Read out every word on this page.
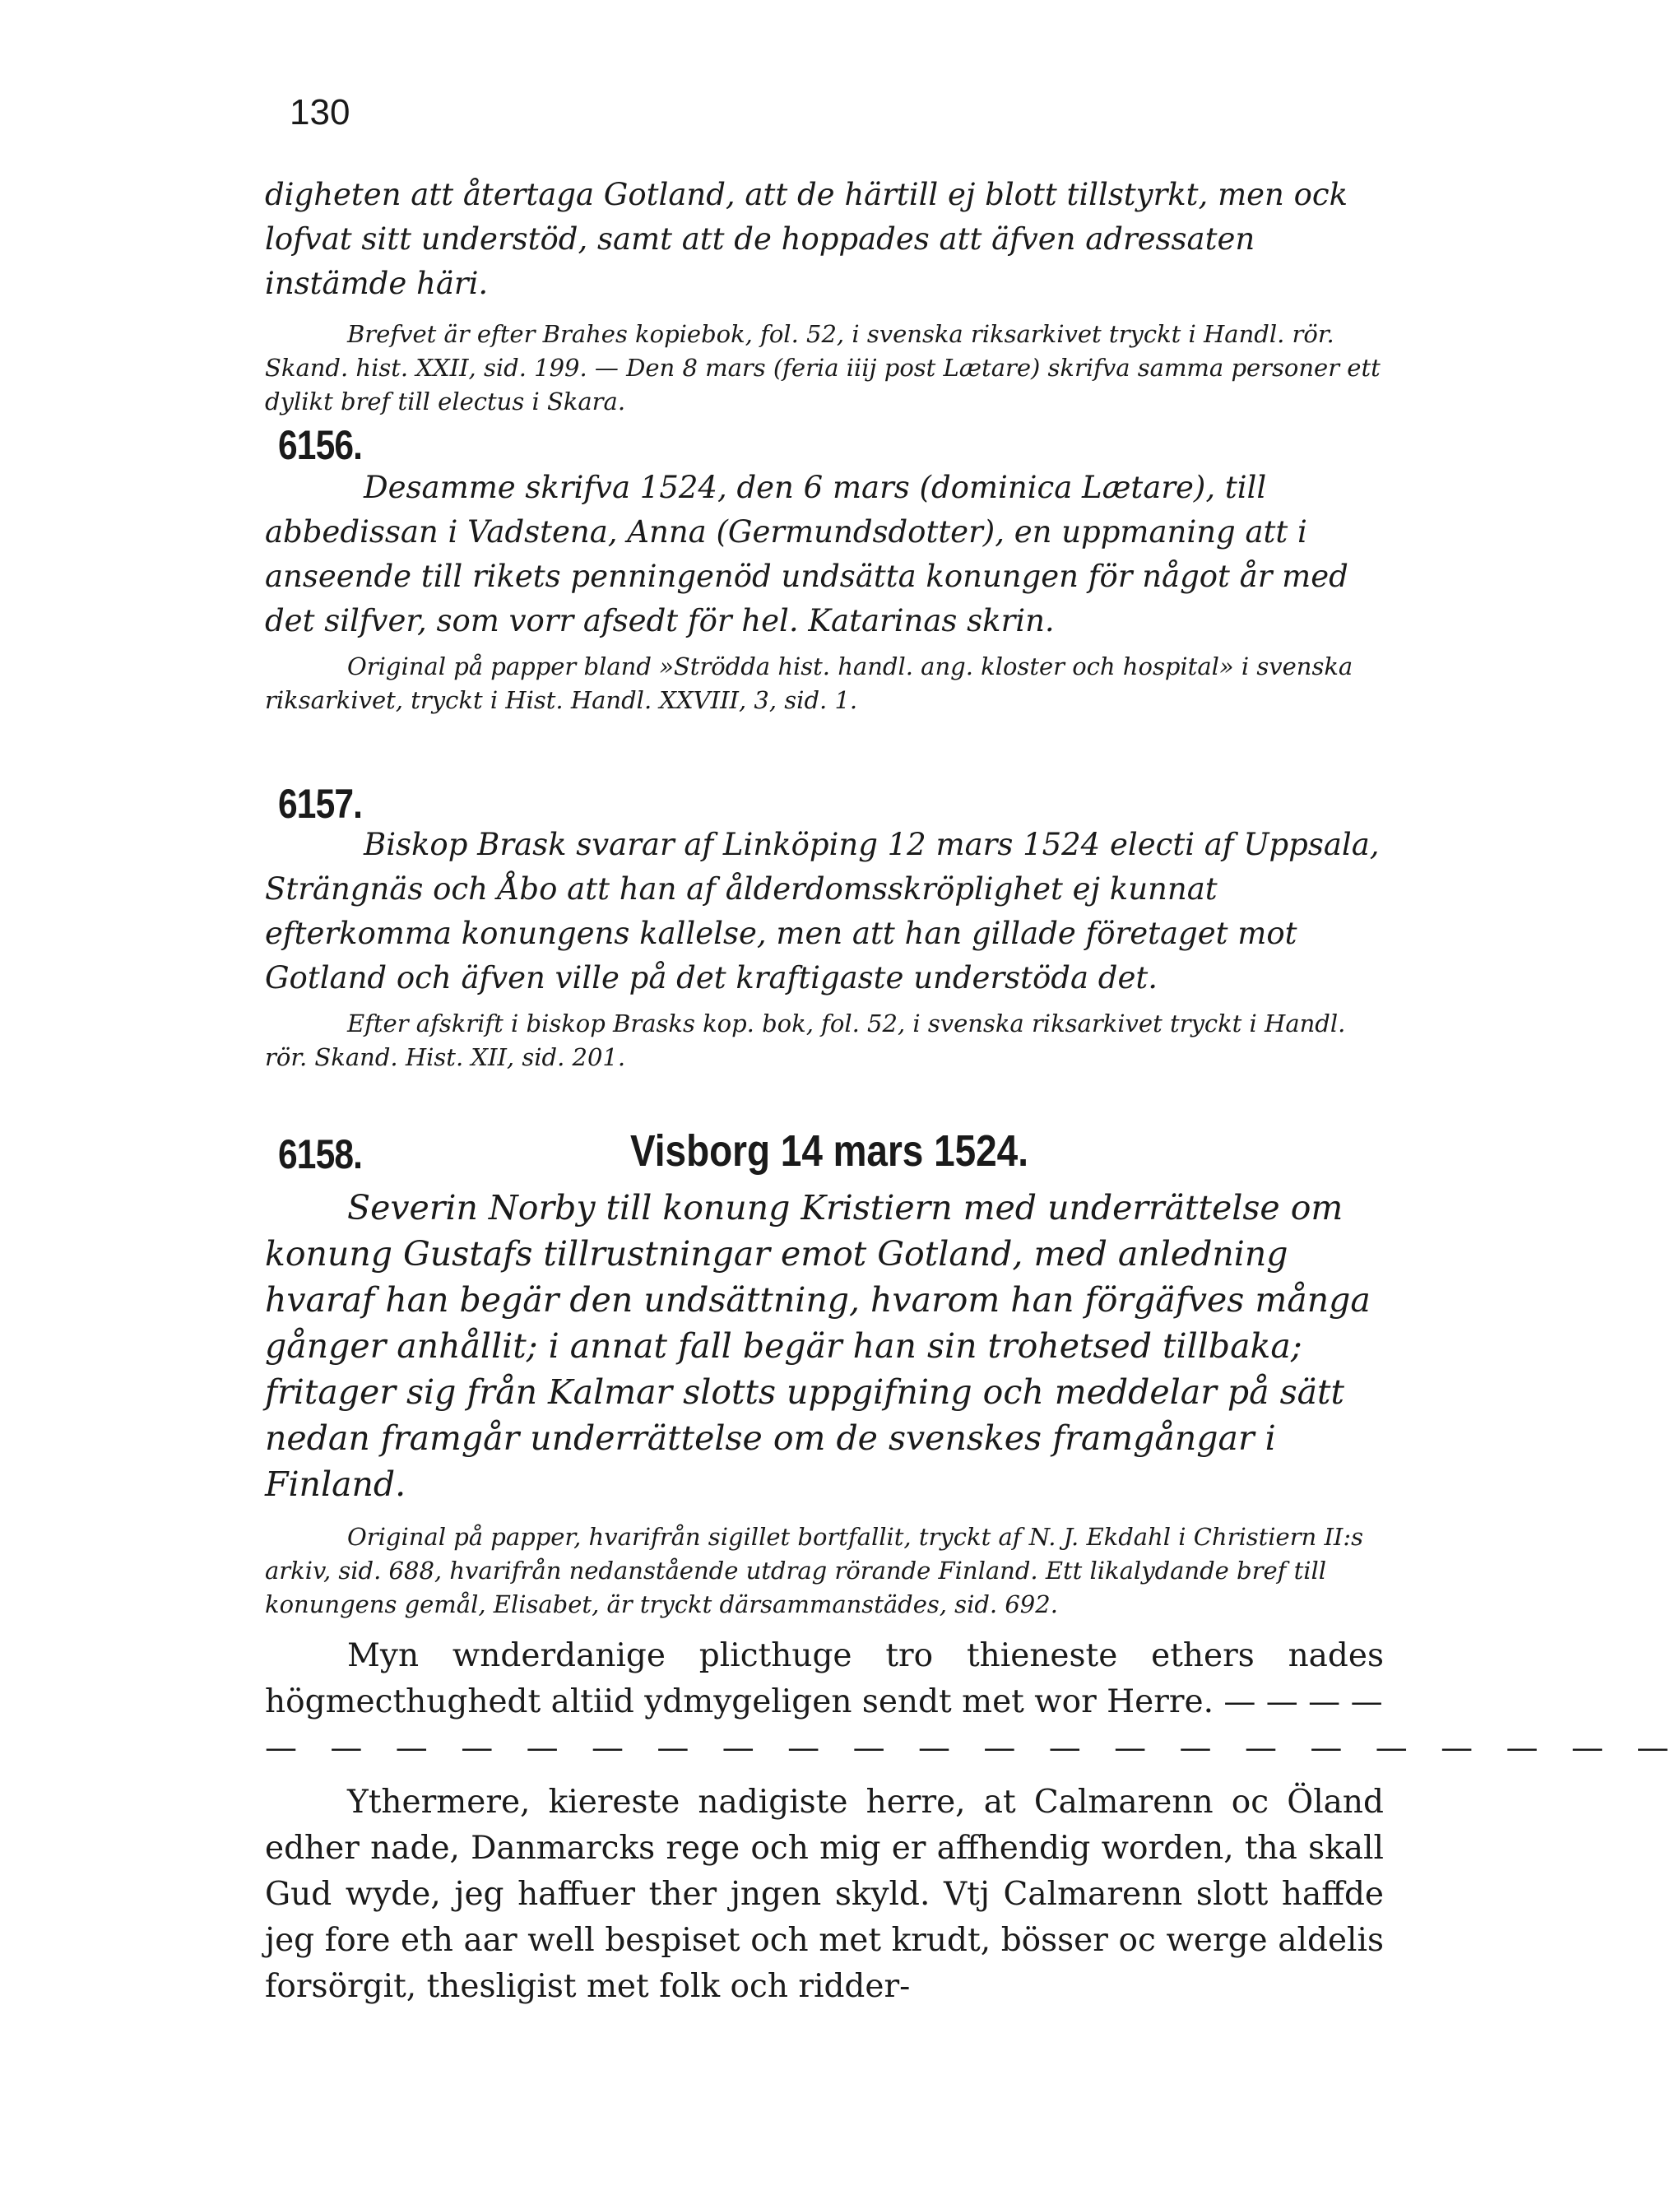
130

digheten att återtaga Gotland, att de härtill ej blott tillstyrkt, men ock lofvat sitt understöd, samt att de hoppades att äfven adressaten instämde häri.

Brefvet är efter Brahes kopiebok, fol. 52, i svenska riksarkivet tryckt i Handl. rör. Skand. hist. XXII, sid. 199. — Den 8 mars (feria iiij post Lætare) skrifva samma personer ett dylikt bref till electus i Skara.

6156.

Desamme skrifva 1524, den 6 mars (dominica Lætare), till abbedissan i Vadstena, Anna (Germundsdotter), en uppmaning att i anseende till rikets penningenöd undsätta konungen för något år med det silfver, som vorr afsedt för hel. Katarinas skrin.

Original på papper bland »Strödda hist. handl. ang. kloster och hospital» i svenska riksarkivet, tryckt i Hist. Handl. XXVIII, 3, sid. 1.

6157.

Biskop Brask svarar af Linköping 12 mars 1524 electi af Uppsala, Strängnäs och Åbo att han af ålderdomsskröplighet ej kunnat efterkomma konungens kallelse, men att han gillade företaget mot Gotland och äfven ville på det kraftigaste understöda det.

Efter afskrift i biskop Brasks kop. bok, fol. 52, i svenska riksarkivet tryckt i Handl. rör. Skand. Hist. XII, sid. 201.

6158.	Visborg 14 mars 1524.

Severin Norby till konung Kristiern med underrättelse om konung Gustafs tillrustningar emot Gotland, med anledning hvaraf han begär den undsättning, hvarom han förgäfves många gånger anhållit; i annat fall begär han sin trohetsed tillbaka; fritager sig från Kalmar slotts uppgifning och meddelar på sätt nedan framgår underrättelse om de svenskes framgångar i Finland.

Original på papper, hvarifrån sigillet bortfallit, tryckt af N. J. Ekdahl i Christiern II:s arkiv, sid. 688, hvarifrån nedanstående utdrag rörande Finland. Ett likalydande bref till konungens gemål, Elisabet, är tryckt därsammanstädes, sid. 692.

Myn wnderdanige plicthuge tro thieneste ethers nades högmecthughedt altiid ydmygeligen sendt met wor Herre. — — — —

— — — — — — — — — — — — — — — — — — — — — —

Ythermere, kiereste nadigiste herre, at Calmarenn oc Öland edher nade, Danmarcks rege och mig er affhendig worden, tha skall Gud wyde, jeg haffuer ther jngen skyld. Vtj Calmarenn slott haffde jeg fore eth aar well bespiset och met krudt, bösser oc werge aldelis forsörgit, thesligist met folk och ridder-
